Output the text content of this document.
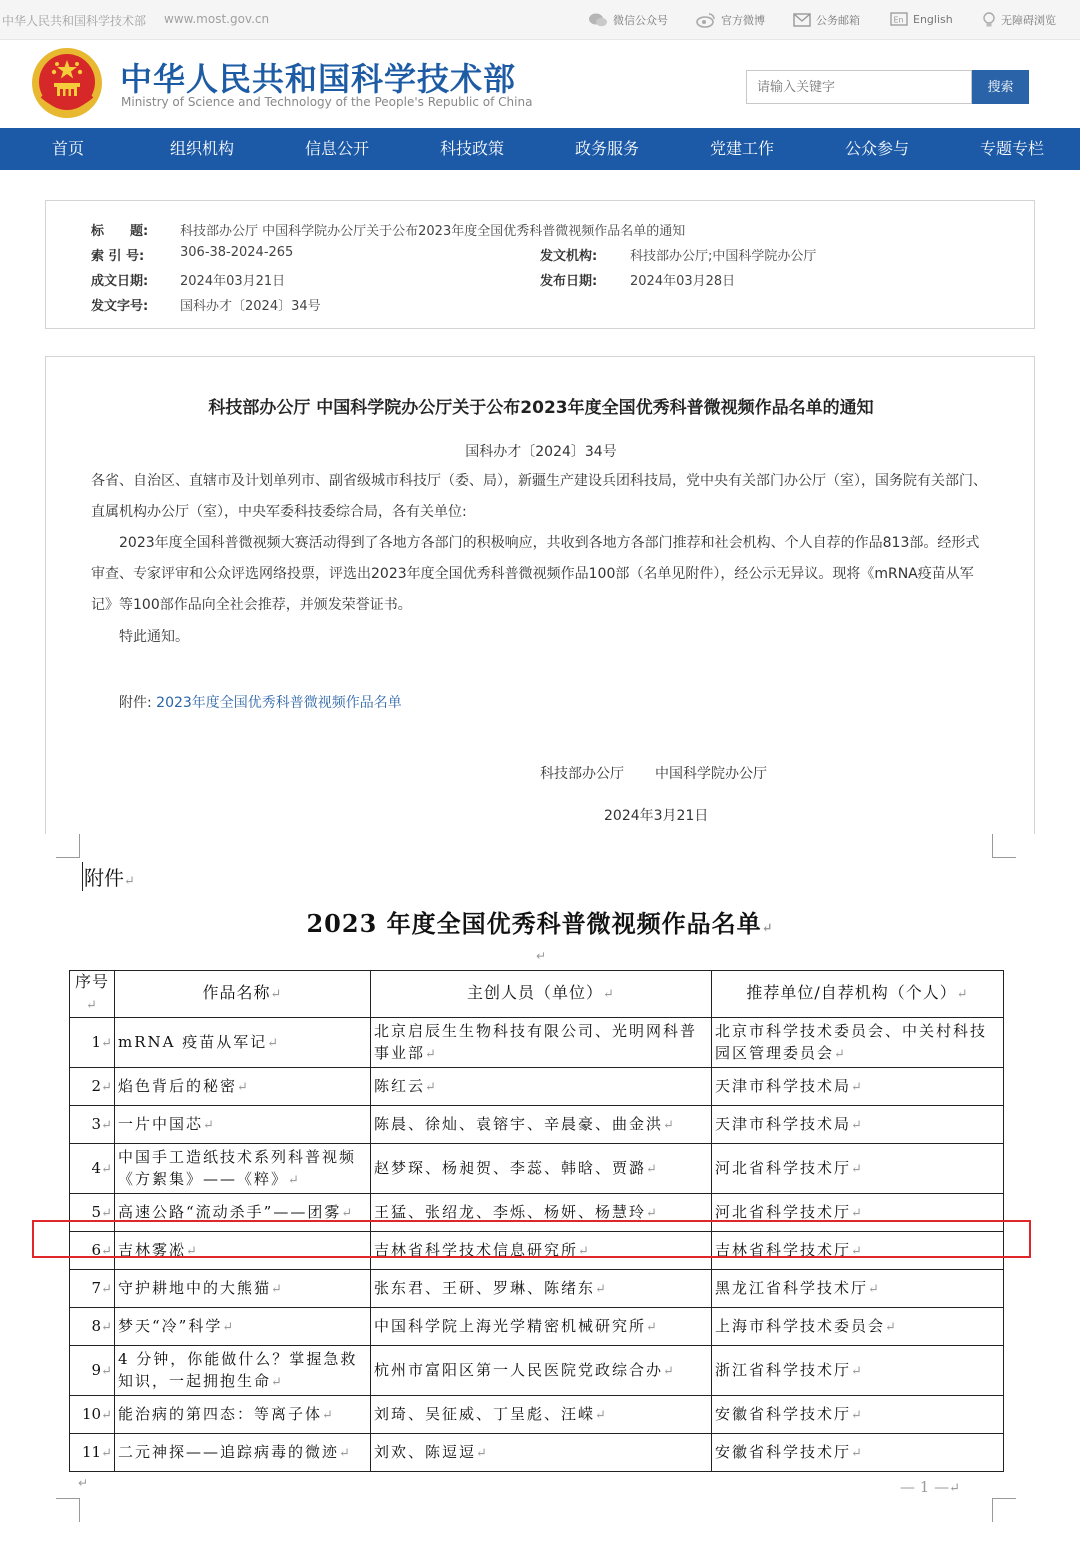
中华人民共和国科学技术部 www.most.gov.cn	微信公众号	官方微博	公务邮箱	En English	无障碍浏览
中华人民共和国科学技术部
Ministry of Science and Technology of the People's Republic of China
请输入关键字
搜索
首页	组织机构	信息公开	科技政策	政务服务	党建工作	公众参与	专题专栏
标　　题: 科技部办公厅 中国科学院办公厅关于公布2023年度全国优秀科普微视频作品名单的通知
索 引 号:	306-38-2024-265	发文机构:	科技部办公厅;中国科学院办公厅
成文日期: 2024年03月21日	发布日期:	2024年03月28日
发文字号: 国科办才〔2024〕34号
科技部办公厅 中国科学院办公厅关于公布2023年度全国优秀科普微视频作品名单的通知
国科办才〔2024〕34号
各省、自治区、直辖市及计划单列市、副省级城市科技厅（委、局），新疆生产建设兵团科技局，党中央有关部门办公厅（室），国务院有关部门、直属机构办公厅（室），中央军委科技委综合局，各有关单位:
2023年度全国科普微视频大赛活动得到了各地方各部门的积极响应，共收到各地方各部门推荐和社会机构、个人自荐的作品813部。经形式审查、专家评审和公众评选网络投票，评选出2023年度全国优秀科普微视频作品100部（名单见附件），经公示无异议。现将《mRNA疫苗从军记》等100部作品向全社会推荐，并颁发荣誉证书。
特此通知。
附件: 2023年度全国优秀科普微视频作品名单
科技部办公厅 中国科学院办公厅
2024年3月21日
附件↵
2023 年度全国优秀科普微视频作品名单↵
↵
序号↵	作品名称↵	主创人员（单位）↵	推荐单位/自荐机构（个人）↵
1↵	mRNA 疫苗从军记↵	北京启辰生生物科技有限公司、光明网科普事业部↵	北京市科学技术委员会、中关村科技园区管理委员会↵
2↵	焰色背后的秘密↵	陈红云↵	天津市科学技术局↵
3↵	一片中国芯↵	陈晨、徐灿、袁镕宇、辛晨豪、曲金洪↵	天津市科学技术局↵
4↵	中国手工造纸技术系列科普视频《方絮集》——《粹》↵	赵梦琛、杨昶贺、李蕊、韩晗、贾潞↵	河北省科学技术厅↵
5↵	高速公路“流动杀手”——团雾↵	王猛、张绍龙、李烁、杨妍、杨慧玲↵	河北省科学技术厅↵
6↵	吉林雾凇↵	吉林省科学技术信息研究所↵	吉林省科学技术厅↵
7↵	守护耕地中的大熊猫↵	张东君、王研、罗琳、陈绪东↵	黑龙江省科学技术厅↵
8↵	梦天“冷”科学↵	中国科学院上海光学精密机械研究所↵	上海市科学技术委员会↵
9↵	4 分钟，你能做什么？掌握急救知识，一起拥抱生命↵	杭州市富阳区第一人民医院党政综合办↵	浙江省科学技术厅↵
10↵	能治病的第四态：等离子体↵	刘琦、吴征威、丁呈彪、汪嵘↵	安徽省科学技术厅↵
11↵	二元神探——追踪病毒的微迹↵	刘欢、陈逗逗↵	安徽省科学技术厅↵
↵	— 1 —↵
